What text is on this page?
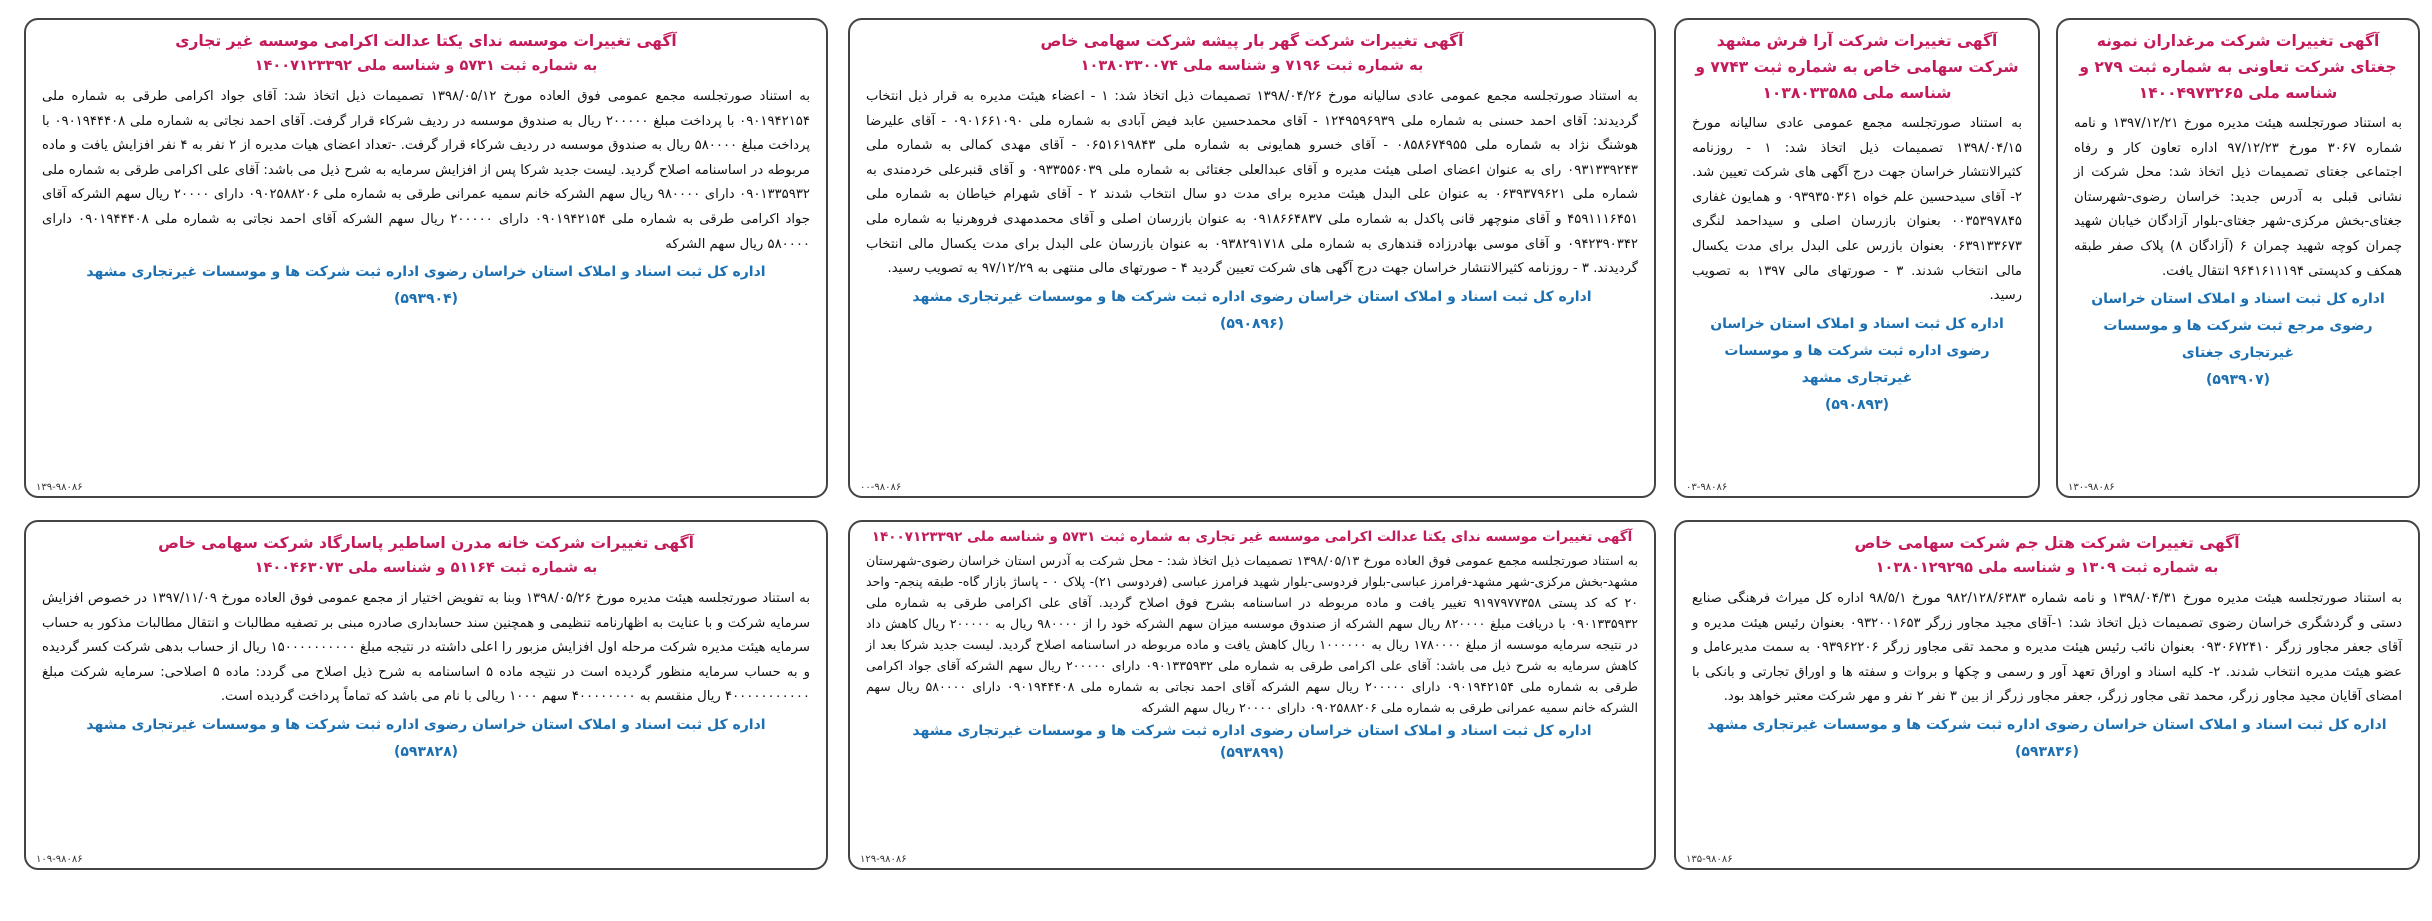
آگهی تغییرات شرکت مرغداران نمونه جغتای شرکت تعاونی به شماره ثبت ۲۷۹ و شناسه ملی ۱۴۰۰۴۹۷۳۲۶۵

به استناد صورتجلسه هیئت مدیره مورخ ۱۳۹۷/۱۲/۲۱ و نامه شماره ۳۰۶۷ مورخ ۹۷/۱۲/۲۳ اداره تعاون کار و رفاه اجتماعی جغتای تصمیمات ذیل اتخاذ شد: محل شرکت از نشانی قبلی به آدرس جدید: خراسان رضوی-شهرستان جغتای-بخش مرکزی-شهر جغتای-بلوار آزادگان خیابان شهید چمران کوچه شهید چمران ۶ (آزادگان ۸) پلاک صفر طبقه همکف و کدپستی ۹۶۴۱۶۱۱۱۹۴ انتقال یافت.

اداره کل ثبت اسناد و املاک استان خراسان رضوی مرجع ثبت شرکت ها و موسسات غیرتجاری جغتای

(۵۹۳۹۰۷)

۱۳۰-۹۸۰۸۶

آگهی تغییرات شرکت آرا فرش مشهد شرکت سهامی خاص به شماره ثبت ۷۷۴۳ و شناسه ملی ۱۰۳۸۰۳۳۵۸۵

به استناد صورتجلسه مجمع عمومی عادی سالیانه مورخ ۱۳۹۸/۰۴/۱۵ تصمیمات ذیل اتخاذ شد: ۱ - روزنامه کثیرالانتشار خراسان جهت درج آگهی های شرکت تعیین شد. ۲- آقای سیدحسین علم خواه ۰۹۳۹۳۵۰۳۶۱ و همایون غفاری ۰۰۳۵۳۹۷۸۴۵ بعنوان بازرسان اصلی و سیداحمد لنگری ۰۶۳۹۱۳۳۶۷۳ بعنوان بازرس علی البدل برای مدت یکسال مالی انتخاب شدند. ۳ - صورتهای مالی ۱۳۹۷ به تصویب رسید.

اداره کل ثبت اسناد و املاک استان خراسان رضوی اداره ثبت شرکت ها و موسسات غیرتجاری مشهد

(۵۹۰۸۹۳)

۰۳-۹۸۰۸۶

آگهی تغییرات شرکت گهر بار پیشه شرکت سهامی خاص

به شماره ثبت ۷۱۹۶ و شناسه ملی ۱۰۳۸۰۳۳۰۰۷۴

به استناد صورتجلسه مجمع عمومی عادی سالیانه مورخ ۱۳۹۸/۰۴/۲۶ تصمیمات ذیل اتخاذ شد: ۱ - اعضاء هیئت مدیره به قرار ذیل انتخاب گردیدند: آقای احمد حسنی به شماره ملی ۱۲۴۹۵۹۶۹۳۹ - آقای محمدحسین عابد فیض آبادی به شماره ملی ۰۹۰۱۶۶۱۰۹۰ - آقای علیرضا هوشنگ نژاد به شماره ملی ۰۸۵۸۶۷۴۹۵۵ - آقای خسرو همایونی به شماره ملی ۰۶۵۱۶۱۹۸۴۳ - آقای مهدی کمالی به شماره ملی ۰۹۳۱۳۳۹۲۴۳ رای به عنوان اعضای اصلی هیئت مدیره و آقای عبدالعلی جغتائی به شماره ملی ۰۹۳۳۵۵۶۰۳۹ و آقای قنبرعلی خردمندی به شماره ملی ۰۶۳۹۳۷۹۶۲۱ به عنوان علی البدل هیئت مدیره برای مدت دو سال انتخاب شدند ۲ - آقای شهرام خیاطان به شماره ملی ۴۵۹۱۱۱۶۴۵۱ و آقای منوچهر قانی پاکدل به شماره ملی ۰۹۱۸۶۶۴۸۳۷ به عنوان بازرسان اصلی و آقای محمدمهدی فروهرنیا به شماره ملی ۰۹۴۲۳۹۰۳۴۲ و آقای موسی بهادرزاده قندهاری به شماره ملی ۰۹۳۸۲۹۱۷۱۸ به عنوان بازرسان علی البدل برای مدت یکسال مالی انتخاب گردیدند. ۳ - روزنامه کثیرالانتشار خراسان جهت درج آگهی های شرکت تعیین گردید ۴ - صورتهای مالی منتهی به ۹۷/۱۲/۲۹ به تصویب رسید.

اداره کل ثبت اسناد و املاک استان خراسان رضوی اداره ثبت شرکت ها و موسسات غیرتجاری مشهد

(۵۹۰۸۹۶)

۰۰-۹۸۰۸۶

آگهی تغییرات موسسه ندای یکتا عدالت اکرامی موسسه غیر تجاری

به شماره ثبت ۵۷۳۱ و شناسه ملی ۱۴۰۰۷۱۲۳۳۹۲

به استناد صورتجلسه مجمع عمومی فوق العاده مورخ ۱۳۹۸/۰۵/۱۲ تصمیمات ذیل اتخاذ شد: آقای جواد اکرامی طرقی به شماره ملی ۰۹۰۱۹۴۲۱۵۴ با پرداخت مبلغ ۲۰۰۰۰۰ ریال به صندوق موسسه در ردیف شرکاء قرار گرفت. آقای احمد نجاتی به شماره ملی ۰۹۰۱۹۴۴۴۰۸ با پرداخت مبلغ ۵۸۰۰۰۰ ریال به صندوق موسسه در ردیف شرکاء قرار گرفت. -تعداد اعضای هیات مدیره از ۲ نفر به ۴ نفر افزایش یافت و ماده مربوطه در اساسنامه اصلاح گردید. لیست جدید شرکا پس از افزایش سرمایه به شرح ذیل می باشد: آقای علی اکرامی طرقی به شماره ملی ۰۹۰۱۳۳۵۹۳۲ دارای ۹۸۰۰۰۰ ریال سهم الشرکه خانم سمیه عمرانی طرقی به شماره ملی ۰۹۰۲۵۸۸۲۰۶ دارای ۲۰۰۰۰ ریال سهم الشرکه آقای جواد اکرامی طرقی به شماره ملی ۰۹۰۱۹۴۲۱۵۴ دارای ۲۰۰۰۰۰ ریال سهم الشرکه آقای احمد نجاتی به شماره ملی ۰۹۰۱۹۴۴۴۰۸ دارای ۵۸۰۰۰۰ ریال سهم الشرکه

اداره کل ثبت اسناد و املاک استان خراسان رضوی اداره ثبت شرکت ها و موسسات غیرتجاری مشهد

(۵۹۳۹۰۴)

۱۳۹-۹۸۰۸۶

آگهی تغییرات شرکت هتل جم شرکت سهامی خاص

به شماره ثبت ۱۳۰۹ و شناسه ملی ۱۰۳۸۰۱۲۹۲۹۵

به استناد صورتجلسه هیئت مدیره مورخ ۱۳۹۸/۰۴/۳۱ و نامه شماره ۹۸۲/۱۲۸/۶۳۸۳ مورخ ۹۸/۵/۱ اداره کل میراث فرهنگی صنایع دستی و گردشگری خراسان رضوی تصمیمات ذیل اتخاذ شد: ۱-آقای مجید مجاور زرگر ۰۹۳۲۰۰۱۶۵۳ بعنوان رئیس هیئت مدیره و آقای جعفر مجاور زرگر ۰۹۳۰۶۷۲۴۱۰ بعنوان نائب رئیس هیئت مدیره و محمد تقی مجاور زرگر ۰۹۳۹۶۲۲۰۶ به سمت مدیرعامل و عضو هیئت مدیره انتخاب شدند. ۲- کلیه اسناد و اوراق تعهد آور و رسمی و چکها و بروات و سفته ها و اوراق تجارتی و بانکی با امضای آقایان مجید مجاور زرگر، محمد تقی مجاور زرگر، جعفر مجاور زرگر از بین ۳ نفر ۲ نفر و مهر شرکت معتبر خواهد بود.

اداره کل ثبت اسناد و املاک استان خراسان رضوی اداره ثبت شرکت ها و موسسات غیرتجاری مشهد

(۵۹۳۸۳۶)

۱۳۵-۹۸۰۸۶

آگهی تغییرات موسسه ندای یکتا عدالت اکرامی موسسه غیر تجاری به شماره ثبت ۵۷۳۱ و شناسه ملی ۱۴۰۰۷۱۲۳۳۹۲

به استناد صورتجلسه مجمع عمومی فوق العاده مورخ ۱۳۹۸/۰۵/۱۳ تصمیمات ذیل اتخاذ شد: - محل شرکت به آدرس استان خراسان رضوی-شهرستان مشهد-بخش مرکزی-شهر مشهد-فرامرز عباسی-بلوار فردوسی-بلوار شهید فرامرز عباسی (فردوسی ۲۱)- پلاک ۰ - پاساژ بازار گاه- طبقه پنجم- واحد ۲۰ که کد پستی ۹۱۹۷۹۷۷۳۵۸ تغییر یافت و ماده مربوطه در اساسنامه بشرح فوق اصلاح گردید. آقای علی اکرامی طرقی به شماره ملی ۰۹۰۱۳۳۵۹۳۲ با دریافت مبلغ ۸۲۰۰۰۰ ریال سهم الشرکه از صندوق موسسه میزان سهم الشرکه خود را از ۹۸۰۰۰۰ ریال به ۲۰۰۰۰۰ ریال کاهش داد در نتیجه سرمایه موسسه از مبلغ ۱۷۸۰۰۰۰ ریال به ۱۰۰۰۰۰۰ ریال کاهش یافت و ماده مربوطه در اساسنامه اصلاح گردید. لیست جدید شرکا بعد از کاهش سرمایه به شرح ذیل می باشد: آقای علی اکرامی طرقی به شماره ملی ۰۹۰۱۳۳۵۹۳۲ دارای ۲۰۰۰۰۰ ریال سهم الشرکه آقای جواد اکرامی طرقی به شماره ملی ۰۹۰۱۹۴۲۱۵۴ دارای ۲۰۰۰۰۰ ریال سهم الشرکه آقای احمد نجاتی به شماره ملی ۰۹۰۱۹۴۴۴۰۸ دارای ۵۸۰۰۰۰ ریال سهم الشرکه خانم سمیه عمرانی طرقی به شماره ملی ۰۹۰۲۵۸۸۲۰۶ دارای ۲۰۰۰۰ ریال سهم الشرکه

اداره کل ثبت اسناد و املاک استان خراسان رضوی اداره ثبت شرکت ها و موسسات غیرتجاری مشهد

(۵۹۳۸۹۹)

۱۲۹-۹۸۰۸۶

آگهی تغییرات شرکت خانه مدرن اساطیر پاسارگاد شرکت سهامی خاص

به شماره ثبت ۵۱۱۶۴ و شناسه ملی ۱۴۰۰۴۶۳۰۷۳

به استناد صورتجلسه هیئت مدیره مورخ ۱۳۹۸/۰۵/۲۶ وبنا به تفویض اختیار از مجمع عمومی فوق العاده مورخ ۱۳۹۷/۱۱/۰۹ در خصوص افزایش سرمایه شرکت و با عنایت به اظهارنامه تنظیمی و همچنین سند حسابداری صادره مبنی بر تصفیه مطالبات و انتقال مطالبات مذکور به حساب سرمایه هیئت مدیره شرکت مرحله اول افزایش مزبور را اعلی داشته در نتیجه مبلغ ۱۵۰۰۰۰۰۰۰۰۰۰ ریال از حساب بدهی شرکت کسر گردیده و به حساب سرمایه منظور گردیده است در نتیجه ماده ۵ اساسنامه به شرح ذیل اصلاح می گردد: ماده ۵ اصلاحی: سرمایه شرکت مبلغ ۴۰۰۰۰۰۰۰۰۰۰۰ ریال منقسم به ۴۰۰۰۰۰۰۰۰ سهم ۱۰۰۰ ریالی با نام می باشد که تماماً پرداخت گردیده است.

اداره کل ثبت اسناد و املاک استان خراسان رضوی اداره ثبت شرکت ها و موسسات غیرتجاری مشهد

(۵۹۳۸۲۸)

۱۰۹-۹۸۰۸۶
